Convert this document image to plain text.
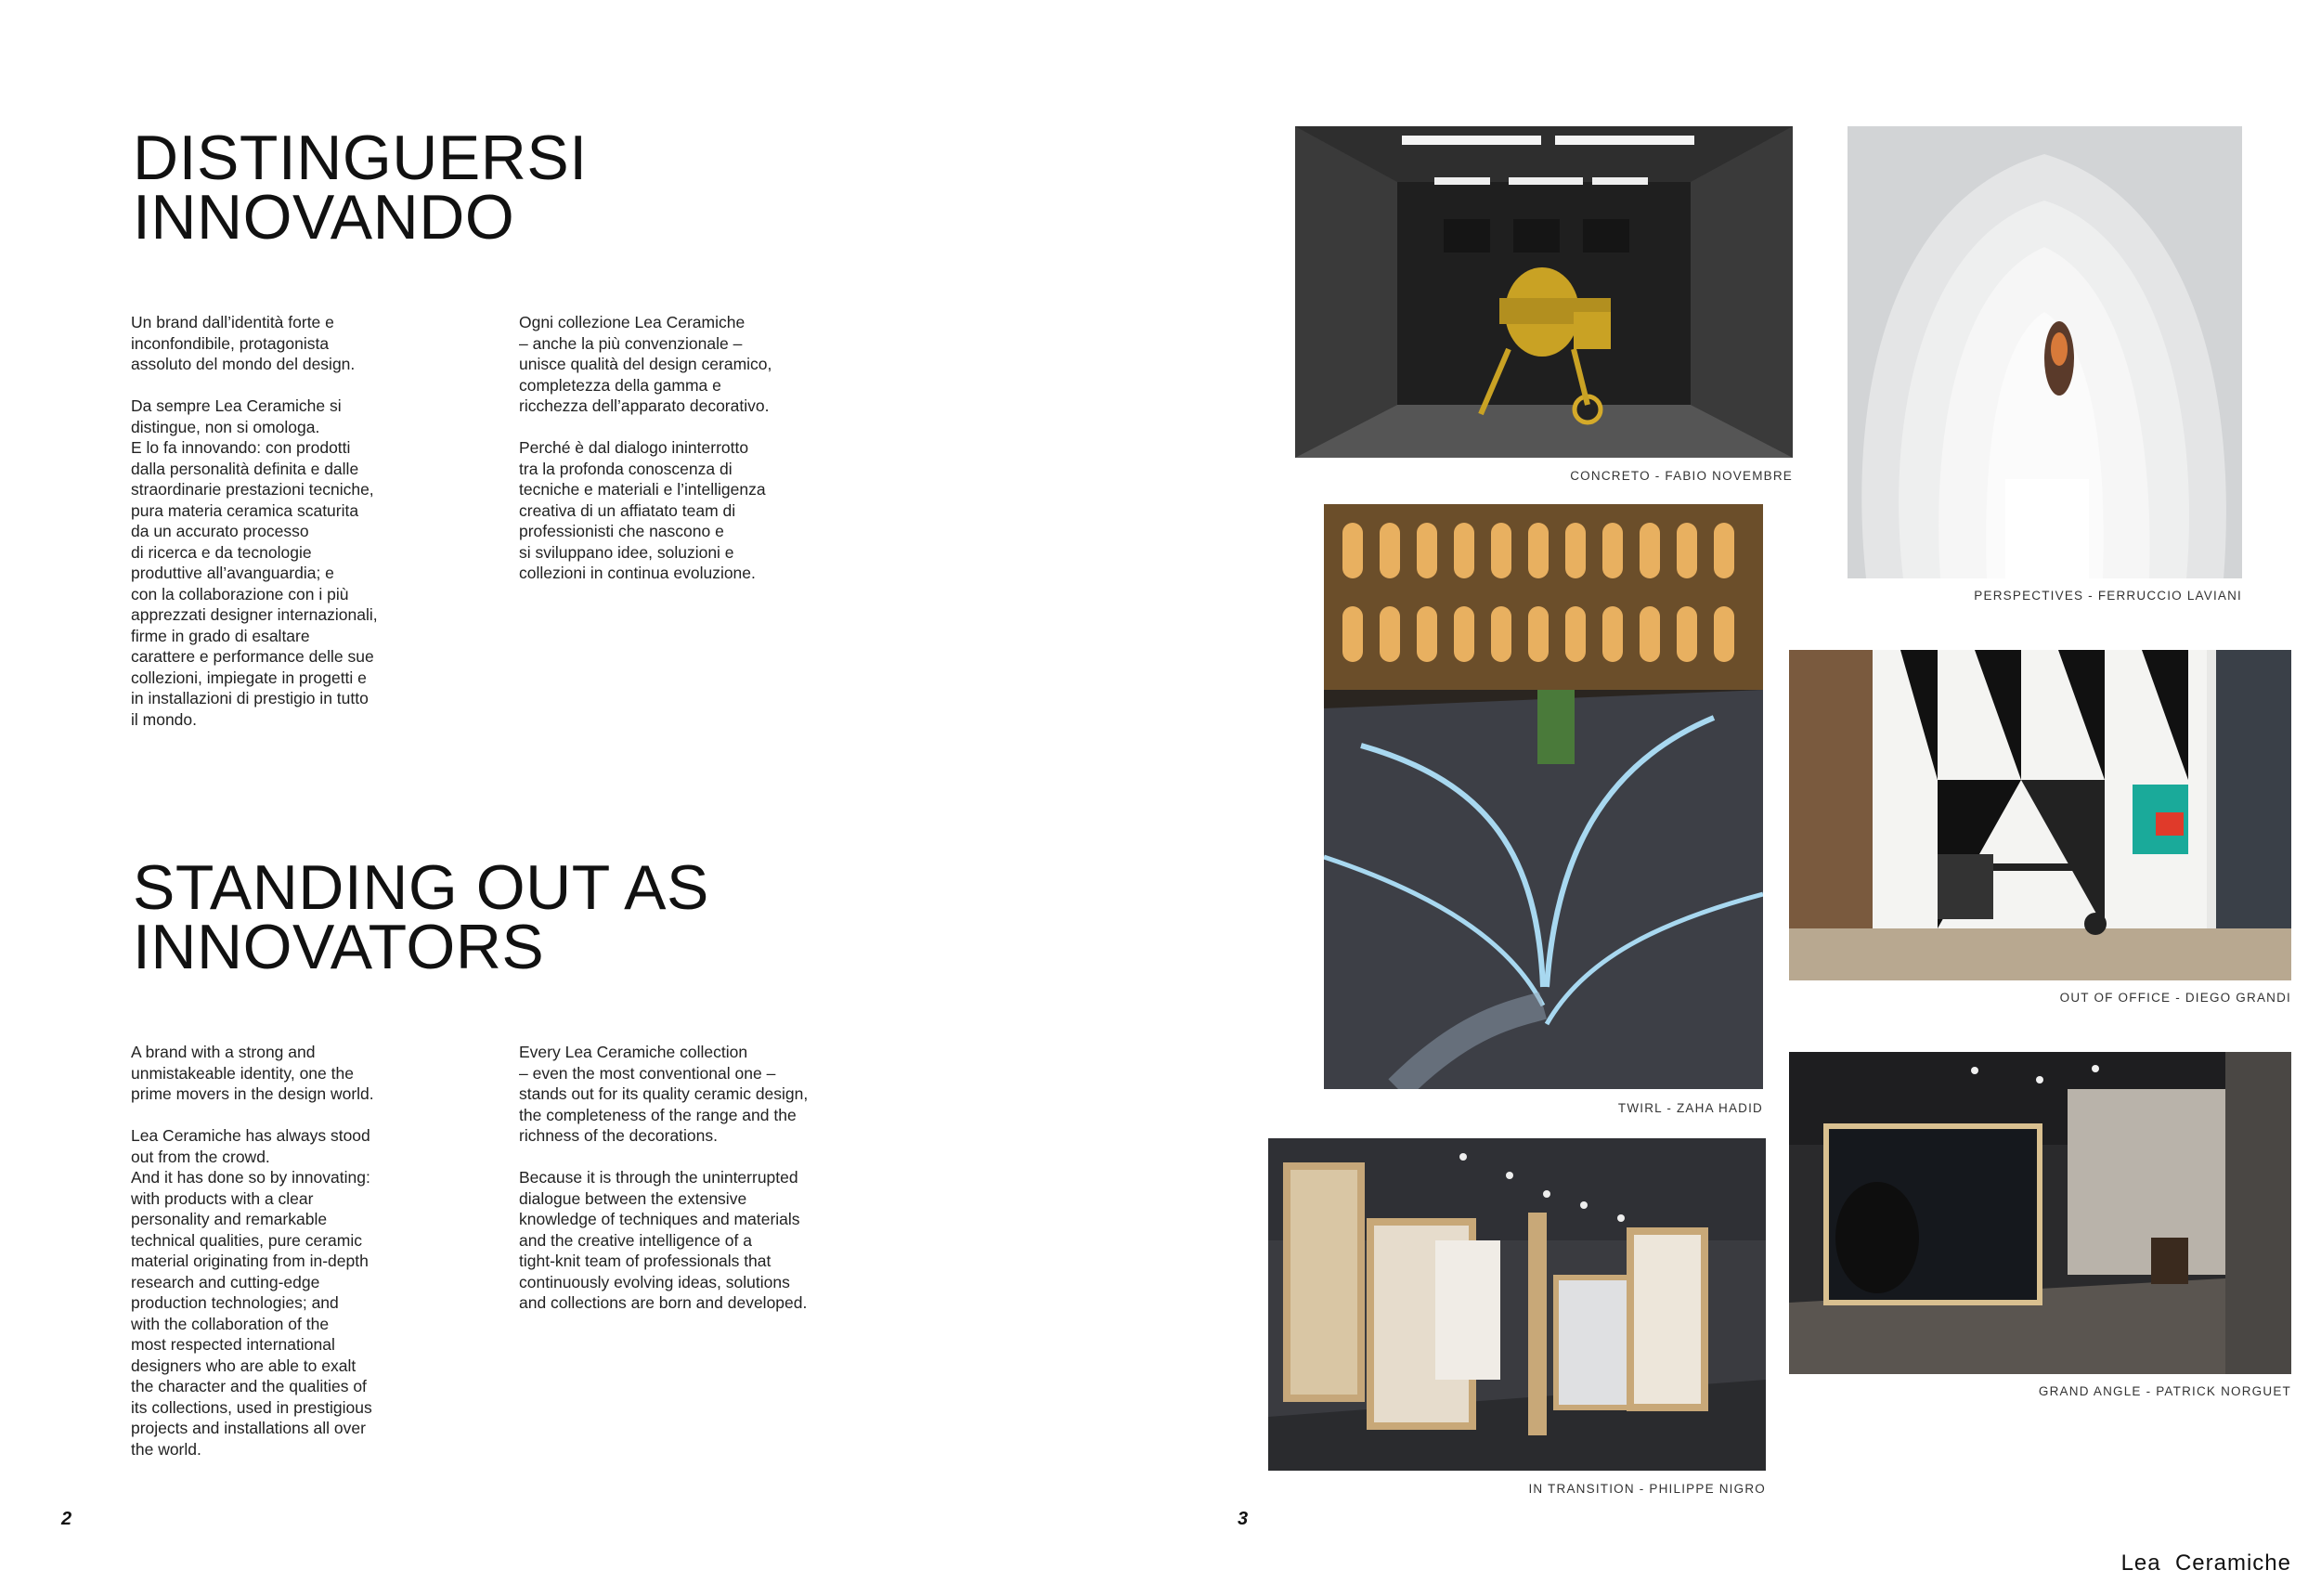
DISTINGUERSI
INNOVANDO
Un brand dall’identità forte e
inconfondibile, protagonista
assoluto del mondo del design.

Da sempre Lea Ceramiche si
distingue, non si omologa.
E lo fa innovando: con prodotti
dalla personalità definita e dalle
straordinarie prestazioni tecniche,
pura materia ceramica scaturita
da un accurato processo
di ricerca e da tecnologie
produttive all’avanguardia; e
con la collaborazione con i più
apprezzati designer internazionali,
firme in grado di esaltare
carattere e performance delle sue
collezioni, impiegate in progetti e
in installazioni di prestigio in tutto
il mondo.
Ogni collezione Lea Ceramiche
– anche la più convenzionale –
unisce qualità del design ceramico,
completezza della gamma e
ricchezza dell’apparato decorativo.

Perché è dal dialogo ininterrotto
tra la profonda conoscenza di
tecniche e materiali e l’intelligenza
creativa di un affiatato team di
professionisti che nascono e
si sviluppano idee, soluzioni e
collezioni in continua evoluzione.
STANDING OUT AS
INNOVATORS
A brand with a strong and
unmistakeable identity, one the
prime movers in the design world.

Lea Ceramiche has always stood
out from the crowd.
And it has done so by innovating:
with products with a clear
personality and remarkable
technical qualities, pure ceramic
material originating from in-depth
research and cutting-edge
production technologies; and
with the collaboration of the
most respected international
designers who are able to exalt
the character and the qualities of
its collections, used in prestigious
projects and installations all over
the world.
Every Lea Ceramiche collection
– even the most conventional one –
stands out for its quality ceramic design,
the completeness of the range and the
richness of the decorations.

Because it is through the uninterrupted
dialogue between the extensive
knowledge of techniques and materials
and the creative intelligence of a
tight-knit team of professionals that
continuously evolving ideas, solutions
and collections are born and developed.
2	3
CONCRETO - FABIO NOVEMBRE
PERSPECTIVES - FERRUCCIO LAVIANI
TWIRL - ZAHA HADID
OUT OF OFFICE - DIEGO GRANDI
IN TRANSITION - PHILIPPE NIGRO
GRAND ANGLE - PATRICK NORGUET
Lea  Ceramiche
